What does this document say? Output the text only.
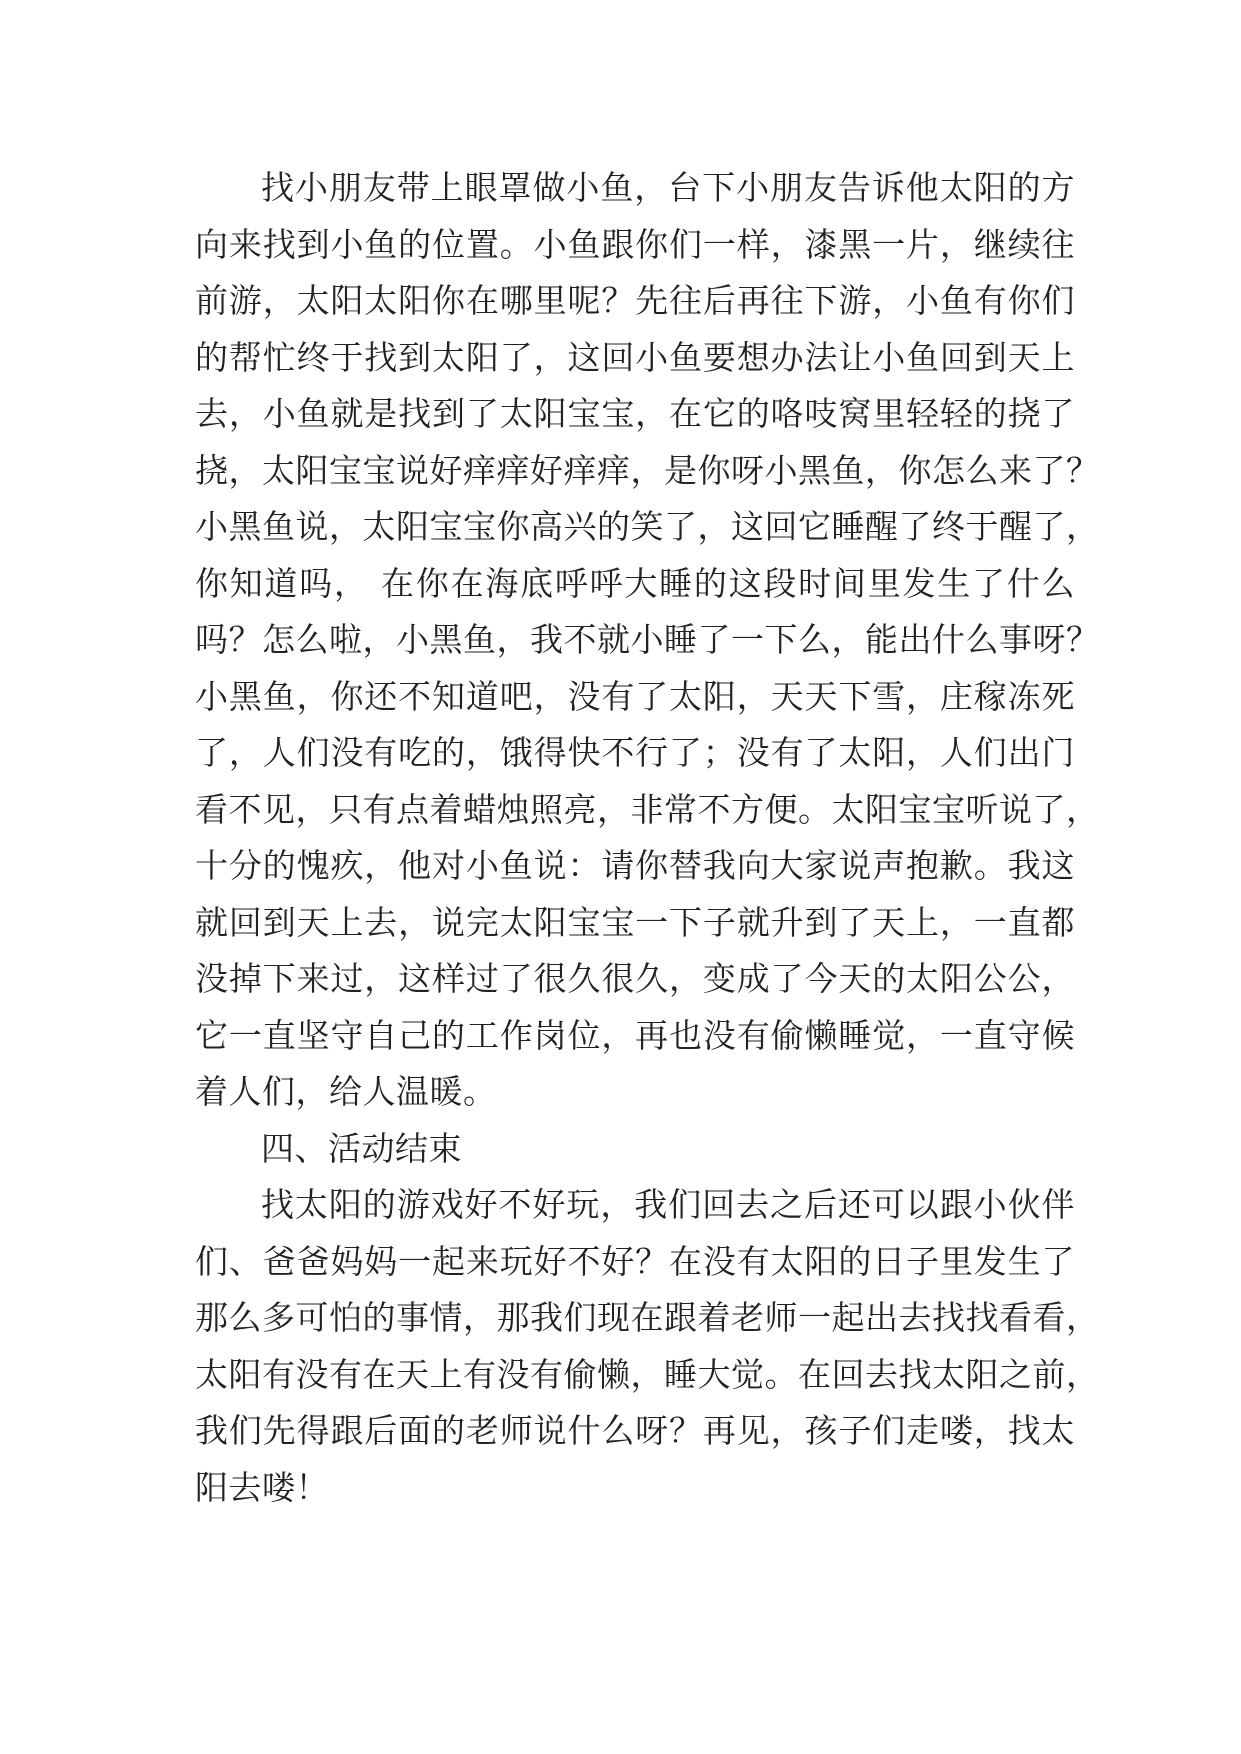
找小朋友带上眼罩做小鱼，台下小朋友告诉他太阳的方
向来找到小鱼的位置。小鱼跟你们一样，漆黑一片，继续往
前游，太阳太阳你在哪里呢？先往后再往下游，小鱼有你们
的帮忙终于找到太阳了，这回小鱼要想办法让小鱼回到天上
去，小鱼就是找到了太阳宝宝，在它的咯吱窝里轻轻的挠了
挠，太阳宝宝说好痒痒好痒痒，是你呀小黑鱼，你怎么来了？
小黑鱼说，太阳宝宝你高兴的笑了，这回它睡醒了终于醒了，
你知道吗， 在你在海底呼呼大睡的这段时间里发生了什么
吗？怎么啦，小黑鱼，我不就小睡了一下么，能出什么事呀？
小黑鱼，你还不知道吧，没有了太阳，天天下雪，庄稼冻死
了，人们没有吃的，饿得快不行了；没有了太阳，人们出门
看不见，只有点着蜡烛照亮，非常不方便。太阳宝宝听说了，
十分的愧疚，他对小鱼说：请你替我向大家说声抱歉。我这
就回到天上去，说完太阳宝宝一下子就升到了天上，一直都
没掉下来过，这样过了很久很久，变成了今天的太阳公公，
它一直坚守自己的工作岗位，再也没有偷懒睡觉，一直守候
着人们，给人温暖。
四、活动结束
找太阳的游戏好不好玩，我们回去之后还可以跟小伙伴
们、爸爸妈妈一起来玩好不好？在没有太阳的日子里发生了
那么多可怕的事情，那我们现在跟着老师一起出去找找看看，
太阳有没有在天上有没有偷懒，睡大觉。在回去找太阳之前，
我们先得跟后面的老师说什么呀？再见，孩子们走喽，找太
阳去喽！
